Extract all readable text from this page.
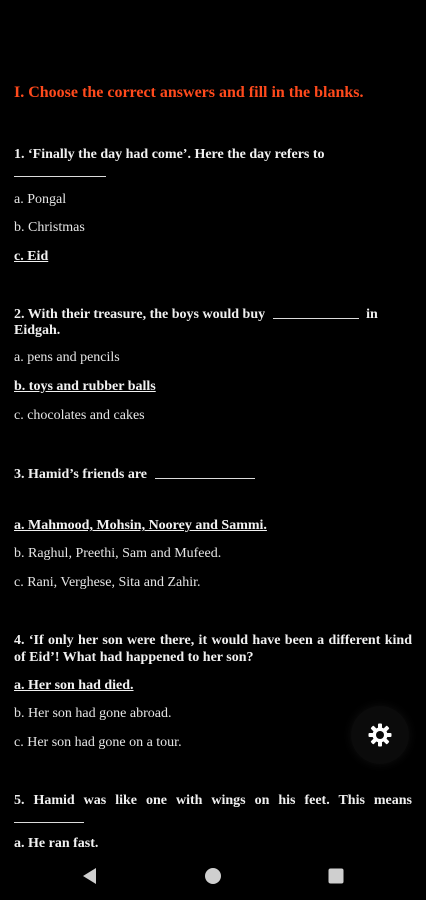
I. Choose the correct answers and fill in the blanks.
1. ‘Finally the day had come’. Here the day refers to
a. Pongal
b. Christmas
c. Eid
2. With their treasure, the boys would buy	in
Eidgah.
a. pens and pencils
b. toys and rubber balls
c. chocolates and cakes
3. Hamid’s friends are
a. Mahmood, Mohsin, Noorey and Sammi.
b. Raghul, Preethi, Sam and Mufeed.
c. Rani, Verghese, Sita and Zahir.
4. ‘If only her son were there, it would have been a different kind of Eid’! What had happened to her son?
a. Her son had died.
b. Her son had gone abroad.
c. Her son had gone on a tour.
5. Hamid was like one with wings on his feet. This means
a. He ran fast.
